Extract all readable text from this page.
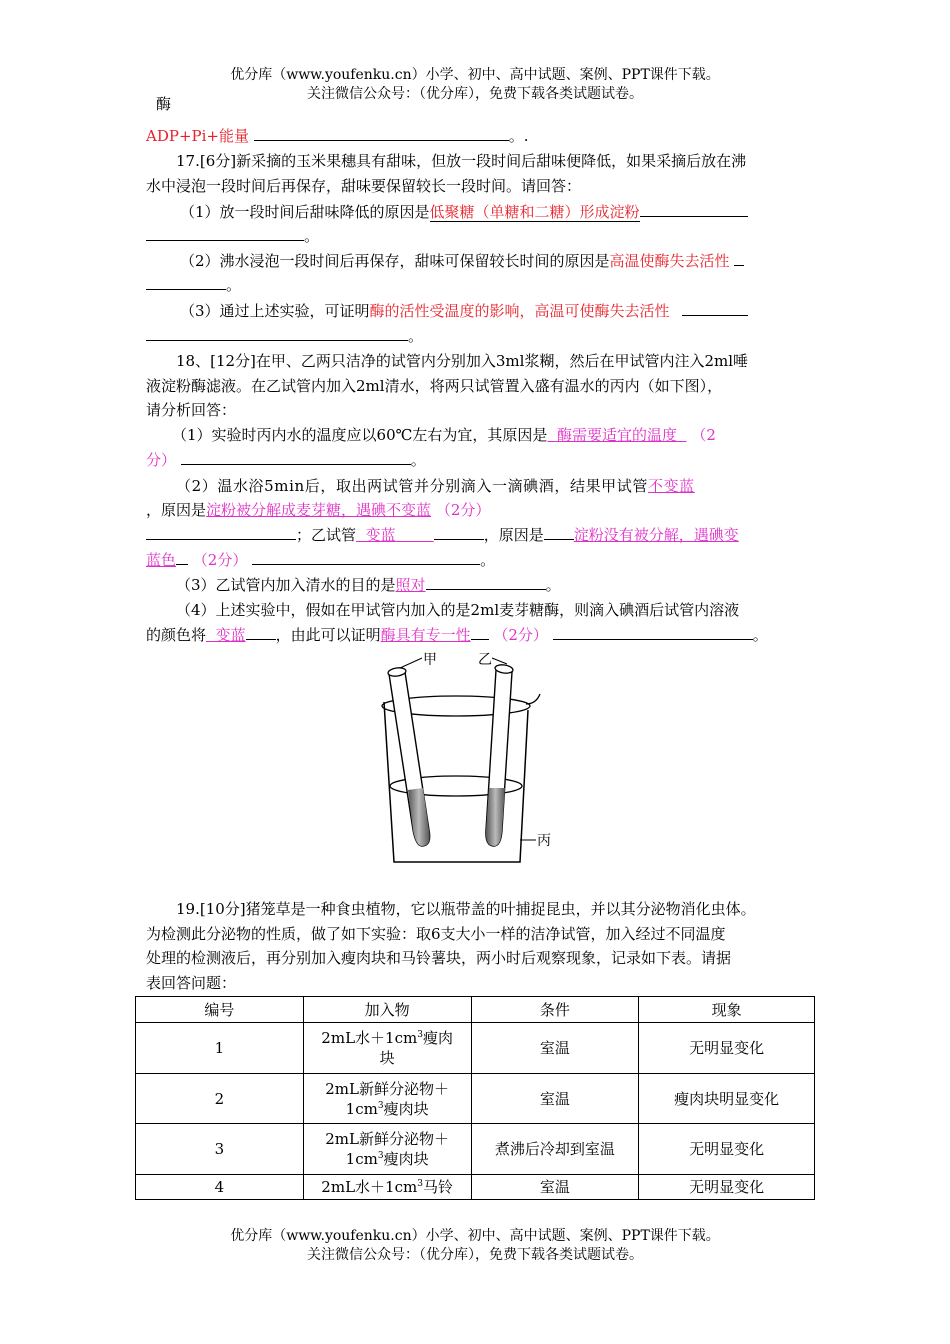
优分库（www.youfenku.cn）小学、初中、高中试题、案例、PPT课件下载。
关注微信公众号：（优分库），免费下载各类试题试卷。
酶
ADP+Pi+能量	。.
17.[6分]新采摘的玉米果穗具有甜味，但放一段时间后甜味便降低，如果采摘后放在沸
水中浸泡一段时间后再保存，甜味要保留较长一段时间。请回答：
（1）放一段时间后甜味降低的原因是低聚糖（单糖和二糖）形成淀粉
。
（2）沸水浸泡一段时间后再保存，甜味可保留较长时间的原因是高温使酶失去活性
。
（3）通过上述实验，可证明酶的活性受温度的影响，高温可使酶失去活性
。
18、[12分]在甲、乙两只洁净的试管内分别加入3ml浆糊，然后在甲试管内注入2ml唾
液淀粉酶滤液。在乙试管内加入2ml清水，将两只试管置入盛有温水的丙内（如下图），
请分析回答：
（1）实验时丙内水的温度应以60℃左右为宜，其原因是 酶需要适宜的温度 （2
分）	。
（2）温水浴5min后，取出两试管并分别滴入一滴碘酒，结果甲试管不变蓝
，原因是淀粉被分解成麦芽糖，遇碘不变蓝 （2分）
；乙试管 变蓝	，原因是 淀粉没有被分解，遇碘变
蓝色 （2分）	。
（3）乙试管内加入清水的目的是照对	。
（4）上述实验中，假如在甲试管内加入的是2ml麦芽糖酶，则滴入碘酒后试管内溶液
的颜色将 变蓝 ，由此可以证明酶具有专一性 （2分）	。
甲	乙
丙
19.[10分]猪笼草是一种食虫植物，它以瓶带盖的叶捕捉昆虫，并以其分泌物消化虫体。
为检测此分泌物的性质，做了如下实验：取6支大小一样的洁净试管，加入经过不同温度
处理的检测液后，再分别加入瘦肉块和马铃薯块，两小时后观察现象，记录如下表。请据
表回答问题：
编号	加入物	条件	现象
1	2mL水$+1cm^3$瘦肉
块	室温	无明显变化
2	2mL新鲜分泌物＋
$1cm^3$瘦肉块	室温	瘦肉块明显变化
3	2mL新鲜分泌物＋
$1cm^3$瘦肉块	煮沸后冷却到室温	无明显变化
4	2mL水$+1cm^3$马铃	室温	无明显变化
优分库（www.youfenku.cn）小学、初中、高中试题、案例、PPT课件下载。
关注微信公众号：（优分库），免费下载各类试题试卷。
